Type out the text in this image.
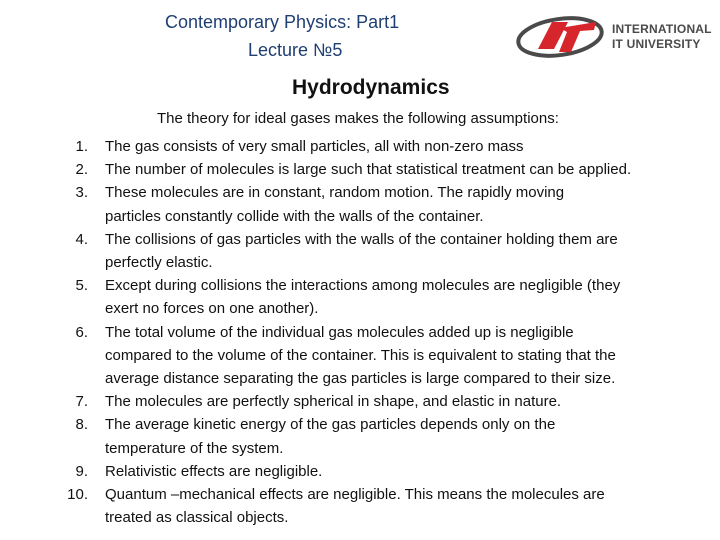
Contemporary Physics: Part1
Lecture №5
INTERNATIONAL
IT UNIVERSITY
Hydrodynamics
The theory for ideal gases makes the following assumptions:
1. The gas consists of very small particles, all with non-zero mass
2. The number of molecules is large such that statistical treatment can be applied.
3. These molecules are in constant, random motion. The rapidly moving
particles constantly collide with the walls of the container.
4. The collisions of gas particles with the walls of the container holding them are
perfectly elastic.
5. Except during collisions the interactions among molecules are negligible (they
exert no forces on one another).
6. The total volume of the individual gas molecules added up is negligible
compared to the volume of the container. This is equivalent to stating that the
average distance separating the gas particles is large compared to their size.
7. The molecules are perfectly spherical in shape, and elastic in nature.
8. The average kinetic energy of the gas particles depends only on the
temperature of the system.
9. Relativistic effects are negligible.
10. Quantum –mechanical effects are negligible. This means the molecules are
treated as classical objects.
